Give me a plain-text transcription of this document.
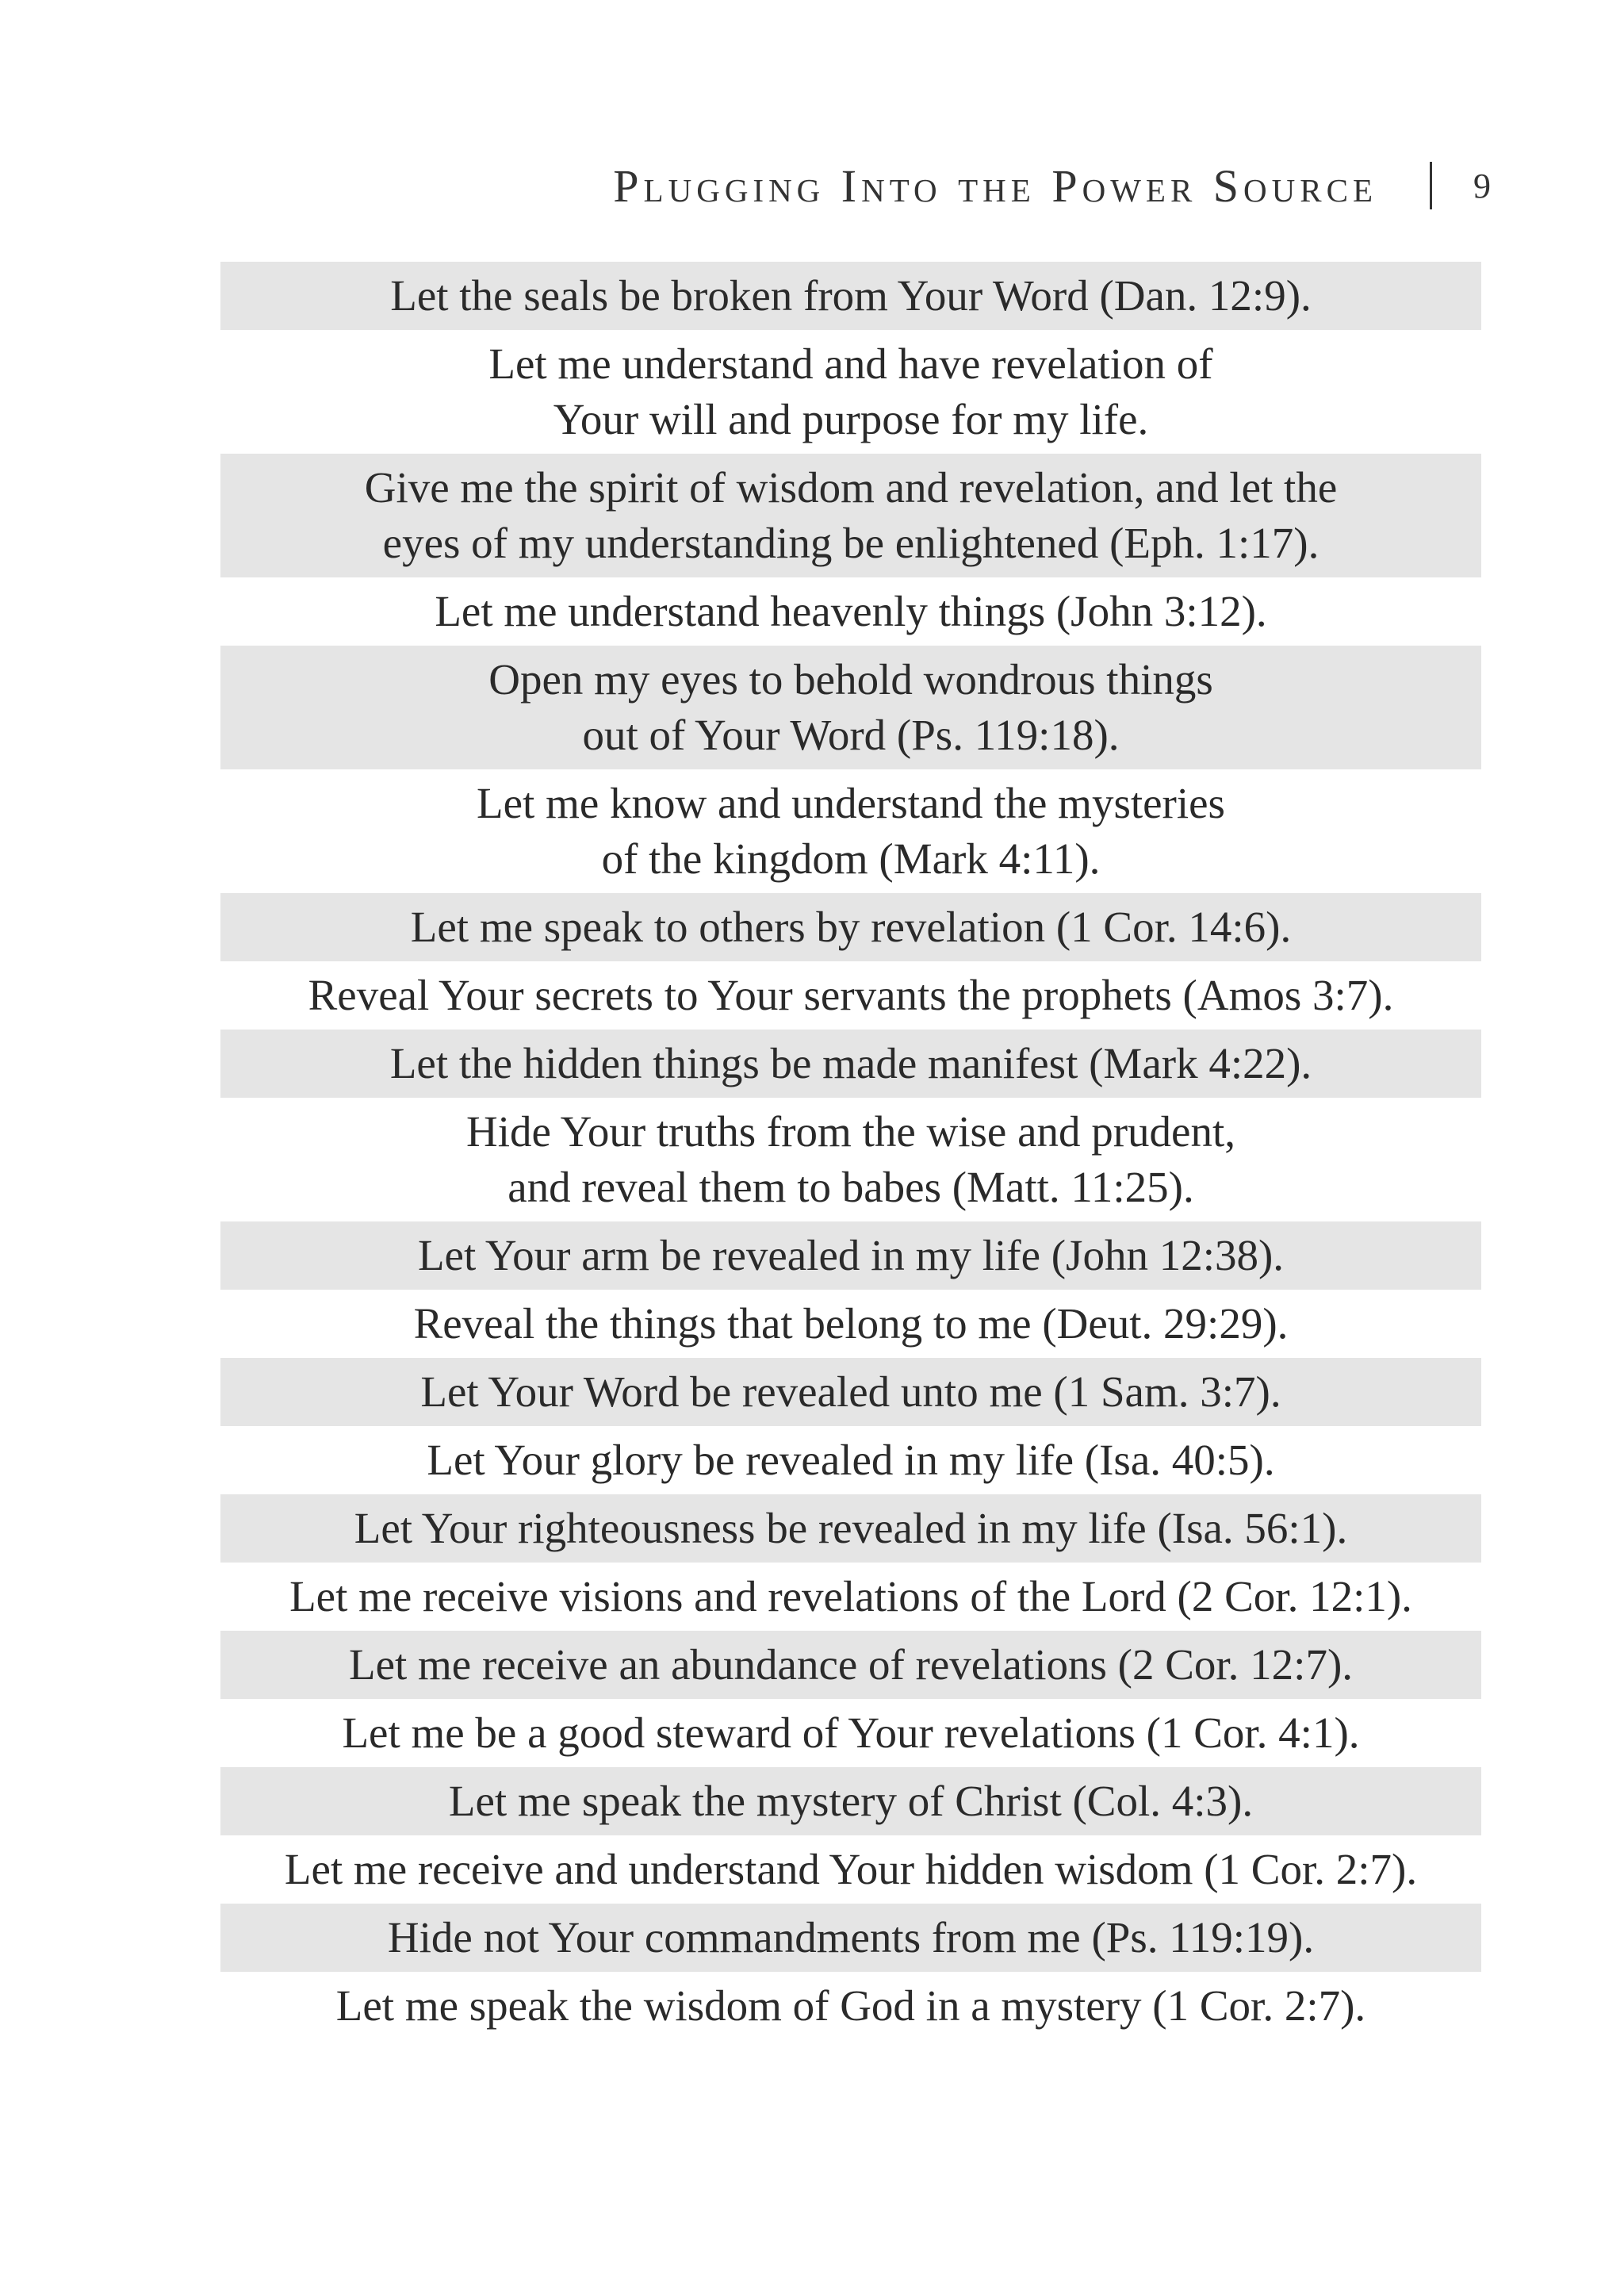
Plugging Into the Power Source	9
Let the seals be broken from Your Word (Dan. 12:9).
Let me understand and have revelation of
Your will and purpose for my life.
Give me the spirit of wisdom and revelation, and let the
eyes of my understanding be enlightened (Eph. 1:17).
Let me understand heavenly things (John 3:12).
Open my eyes to behold wondrous things
out of Your Word (Ps. 119:18).
Let me know and understand the mysteries
of the kingdom (Mark 4:11).
Let me speak to others by revelation (1 Cor. 14:6).
Reveal Your secrets to Your servants the prophets (Amos 3:7).
Let the hidden things be made manifest (Mark 4:22).
Hide Your truths from the wise and prudent,
and reveal them to babes (Matt. 11:25).
Let Your arm be revealed in my life (John 12:38).
Reveal the things that belong to me (Deut. 29:29).
Let Your Word be revealed unto me (1 Sam. 3:7).
Let Your glory be revealed in my life (Isa. 40:5).
Let Your righteousness be revealed in my life (Isa. 56:1).
Let me receive visions and revelations of the Lord (2 Cor. 12:1).
Let me receive an abundance of revelations (2 Cor. 12:7).
Let me be a good steward of Your revelations (1 Cor. 4:1).
Let me speak the mystery of Christ (Col. 4:3).
Let me receive and understand Your hidden wisdom (1 Cor. 2:7).
Hide not Your commandments from me (Ps. 119:19).
Let me speak the wisdom of God in a mystery (1 Cor. 2:7).
